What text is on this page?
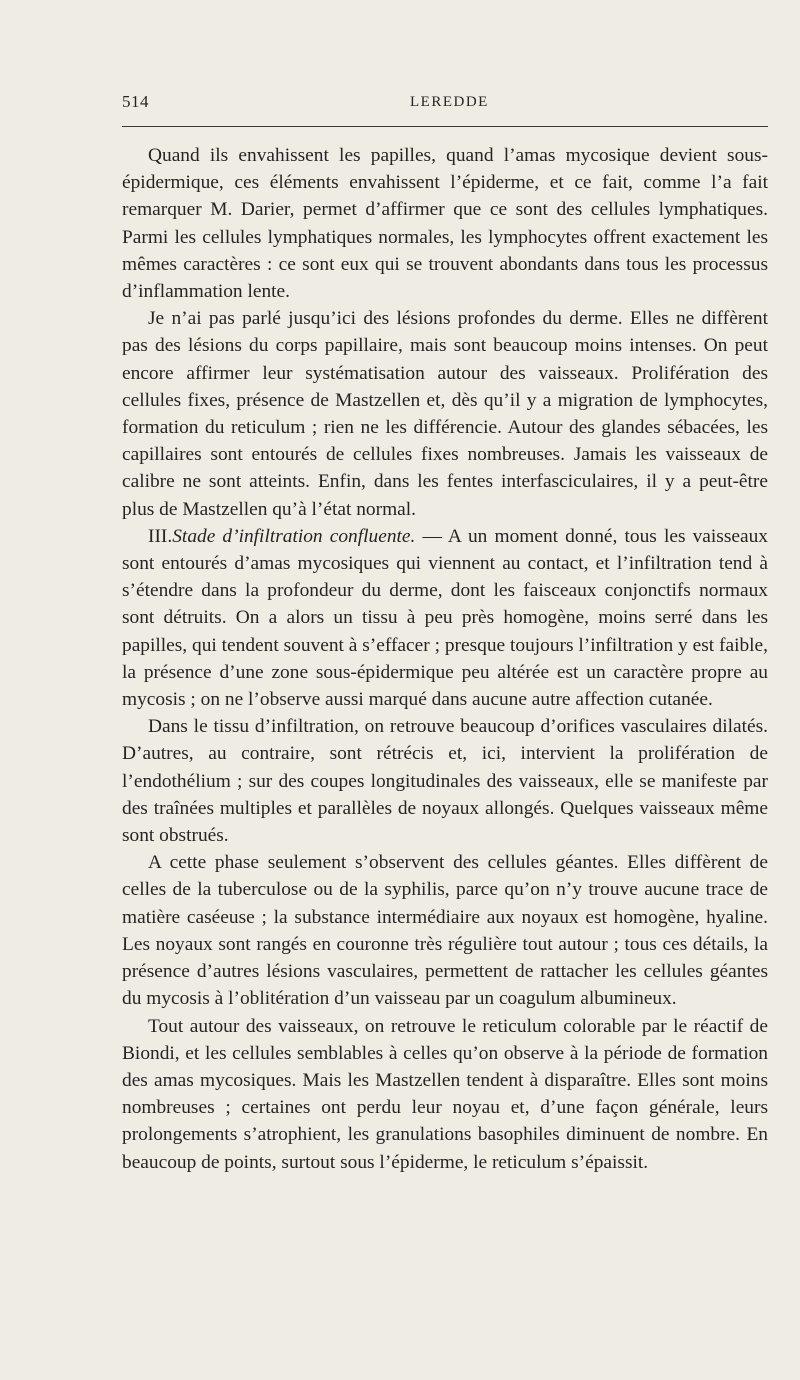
514	LEREDDE

Quand ils envahissent les papilles, quand l’amas mycosique devient sous-épidermique, ces éléments envahissent l’épiderme, et ce fait, comme l’a fait remarquer M. Darier, permet d’affirmer que ce sont des cellules lymphatiques. Parmi les cellules lymphatiques normales, les lymphocytes offrent exactement les mêmes caractères : ce sont eux qui se trouvent abondants dans tous les processus d’inflammation lente.

Je n’ai pas parlé jusqu’ici des lésions profondes du derme. Elles ne diffèrent pas des lésions du corps papillaire, mais sont beaucoup moins intenses. On peut encore affirmer leur systématisation autour des vaisseaux. Prolifération des cellules fixes, présence de Mastzellen et, dès qu’il y a migration de lymphocytes, formation du reticulum ; rien ne les différencie. Autour des glandes sébacées, les capillaires sont entourés de cellules fixes nombreuses. Jamais les vaisseaux de calibre ne sont atteints. Enfin, dans les fentes interfasciculaires, il y a peut-être plus de Mastzellen qu’à l’état normal.

III.Stade d’infiltration confluente. — A un moment donné, tous les vaisseaux sont entourés d’amas mycosiques qui viennent au contact, et l’infiltration tend à s’étendre dans la profondeur du derme, dont les faisceaux conjonctifs normaux sont détruits. On a alors un tissu à peu près homogène, moins serré dans les papilles, qui tendent souvent à s’effacer ; presque toujours l’infiltration y est faible, la présence d’une zone sous-épidermique peu altérée est un caractère propre au mycosis ; on ne l’observe aussi marqué dans aucune autre affection cutanée.

Dans le tissu d’infiltration, on retrouve beaucoup d’orifices vasculaires dilatés. D’autres, au contraire, sont rétrécis et, ici, intervient la prolifération de l’endothélium ; sur des coupes longitudinales des vaisseaux, elle se manifeste par des traînées multiples et parallèles de noyaux allongés. Quelques vaisseaux même sont obstrués.

A cette phase seulement s’observent des cellules géantes. Elles diffèrent de celles de la tuberculose ou de la syphilis, parce qu’on n’y trouve aucune trace de matière caséeuse ; la substance intermédiaire aux noyaux est homogène, hyaline. Les noyaux sont rangés en couronne très régulière tout autour ; tous ces détails, la présence d’autres lésions vasculaires, permettent de rattacher les cellules géantes du mycosis à l’oblitération d’un vaisseau par un coagulum albumineux.

Tout autour des vaisseaux, on retrouve le reticulum colorable par le réactif de Biondi, et les cellules semblables à celles qu’on observe à la période de formation des amas mycosiques. Mais les Mastzellen tendent à disparaître. Elles sont moins nombreuses ; certaines ont perdu leur noyau et, d’une façon générale, leurs prolongements s’atrophient, les granulations basophiles diminuent de nombre. En beaucoup de points, surtout sous l’épiderme, le reticulum s’épaissit.
